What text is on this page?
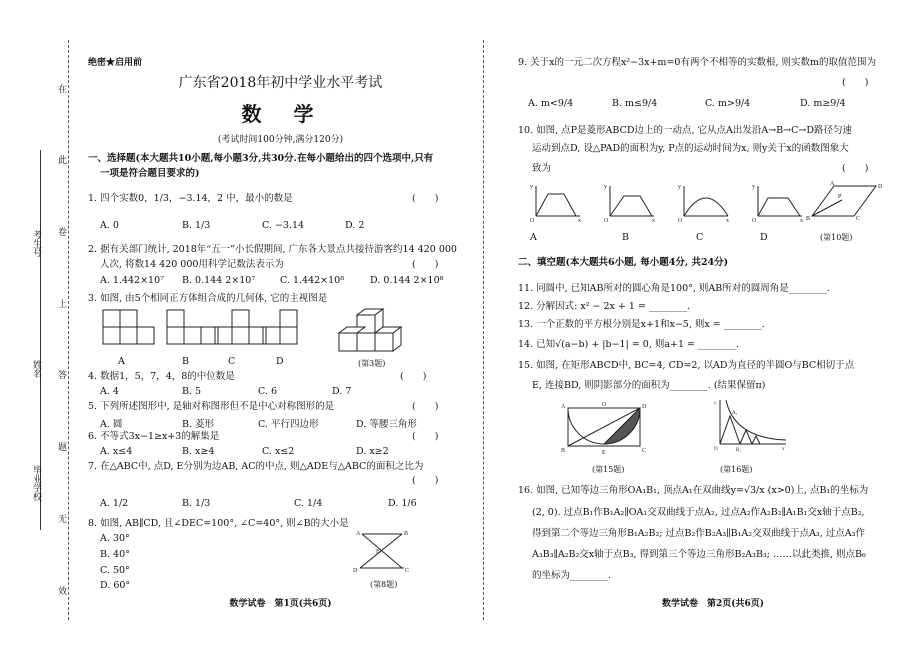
考生号
姓名
毕业学校
在
此
卷
上
答
题
无
效
绝密★启用前
广东省2018年初中学业水平考试
数　学
(考试时间100分钟,满分120分)
一、选择题(本大题共10小题,每小题3分,共30分.在每小题给出的四个选项中,只有
一项是符合题目要求的)
1. 四个实数0，1/3，−3.14，2 中，最小的数是	(　　)
A. 0	B. 1/3	C. −3.14	D. 2
2. 据有关部门统计, 2018年“五一”小长假期间, 广东各大景点共接待游客约14 420 000
人次, 将数14 420 000用科学记数法表示为	(　　)
A. 1.442×10⁷ B. 0.144 2×10⁷	C. 1.442×10⁸	D. 0.144 2×10⁸
3. 如图, 由5个相同正方体组合成的几何体, 它的主视图是
A	B	C	D	(第3题)
4. 数据1，5，7，4，8的中位数是	(　　)
A. 4	B. 5	C. 6	D. 7
5. 下列所述图形中, 是轴对称图形但不是中心对称图形的是	(　　)
A. 圆	B. 菱形	C. 平行四边形	D. 等腰三角形
6. 不等式3x−1≥x+3的解集是	(　　)
A. x≤4	B. x≥4	C. x≤2	D. x≥2
7. 在△ABC中, 点D, E分别为边AB, AC的中点, 则△ADE与△ABC的面积之比为
(　　)
A. 1/2	B. 1/3	C. 1/4	D. 1/6
8. 如图, AB∥CD, 且∠DEC=100°, ∠C=40°, 则∠B的大小是
A. 30°
B. 40°
C. 50°
D. 60°
A	B
E
D	C
(第8题)
数学试卷　第1页(共6页)
9. 关于x的一元二次方程x²−3x+m=0有两个不相等的实数根, 则实数m的取值范围为
(　　)
A. m<9/4	B. m≤9/4	C. m>9/4	D. m≥9/4
10. 如图, 点P是菱形ABCD边上的一动点, 它从点A出发沿A→B→C→D路径匀速
运动到点D, 设△PAD的面积为y, P点的运动时间为x, 则y关于x的函数图象大
致为	(　　)
y
O	x
y
O	x
y
O	x
y
O	x
A	D
B	C
P
A	B	C	D	(第10题)
二、填空题(本大题共6小题, 每小题4分, 共24分)
11. 同圆中, 已知AB所对的圆心角是100°, 则AB所对的圆周角是________.
12. 分解因式: x² − 2x + 1 = ________.
13. 一个正数的平方根分别是x+1和x−5, 则x = ________.
14. 已知√(a−b) + |b−1| = 0, 则a+1 = ________.
15. 如图, 在矩形ABCD中, BC=4, CD=2, 以AD为直径的半圆O与BC相切于点
E, 连接BD, 则阴影部分的面积为________. (结果保留π)
A	D
B	C
O
E
(第15题)
y
O	x
A₁
B₁
(第16题)
16. 如图, 已知等边三角形OA₁B₁, 顶点A₁在双曲线y=√3/x (x>0)上, 点B₁的坐标为
(2, 0). 过点B₁作B₁A₂∥OA₁交双曲线于点A₂, 过点A₂作A₂B₂∥A₁B₁交x轴于点B₂,
得到第二个等边三角形B₁A₂B₂; 过点B₂作B₂A₃∥B₁A₂交双曲线于点A₃, 过点A₃作
A₃B₃∥A₂B₂交x轴于点B₃, 得到第三个等边三角形B₂A₃B₃; ……以此类推, 则点B₆
的坐标为________.
数学试卷　第2页(共6页)
